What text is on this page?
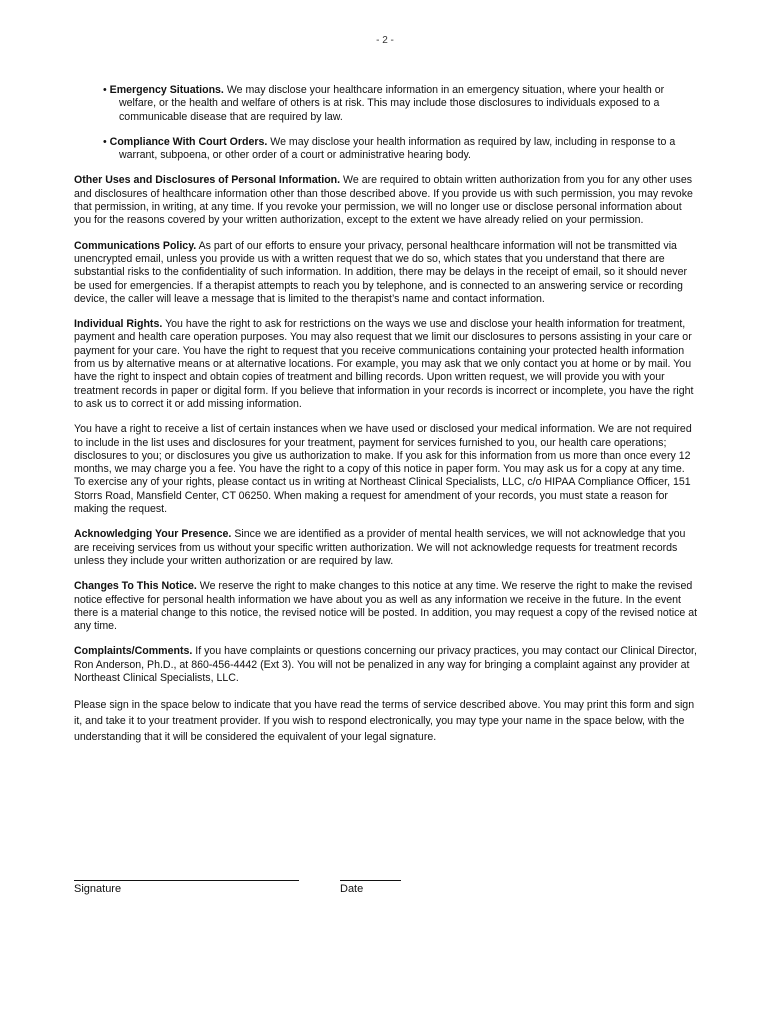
- 2 -

• Emergency Situations. We may disclose your healthcare information in an emergency situation, where your health or welfare, or the health and welfare of others is at risk. This may include those disclosures to individuals exposed to a communicable disease that are required by law.

• Compliance With Court Orders. We may disclose your health information as required by law, including in response to a warrant, subpoena, or other order of a court or administrative hearing body.

Other Uses and Disclosures of Personal Information. We are required to obtain written authorization from you for any other uses and disclosures of healthcare information other than those described above. If you provide us with such permission, you may revoke that permission, in writing, at any time. If you revoke your permission, we will no longer use or disclose personal information about you for the reasons covered by your written authorization, except to the extent we have already relied on your permission.

Communications Policy. As part of our efforts to ensure your privacy, personal healthcare information will not be transmitted via unencrypted email, unless you provide us with a written request that we do so, which states that you understand that there are substantial risks to the confidentiality of such information. In addition, there may be delays in the receipt of email, so it should never be used for emergencies. If a therapist attempts to reach you by telephone, and is connected to an answering service or recording device, the caller will leave a message that is limited to the therapist’s name and contact information.

Individual Rights. You have the right to ask for restrictions on the ways we use and disclose your health information for treatment, payment and health care operation purposes. You may also request that we limit our disclosures to persons assisting in your care or payment for your care. You have the right to request that you receive communications containing your protected health information from us by alternative means or at alternative locations. For example, you may ask that we only contact you at home or by mail. You have the right to inspect and obtain copies of treatment and billing records. Upon written request, we will provide you with your treatment records in paper or digital form. If you believe that information in your records is incorrect or incomplete, you have the right to ask us to correct it or add missing information.

You have a right to receive a list of certain instances when we have used or disclosed your medical information. We are not required to include in the list uses and disclosures for your treatment, payment for services furnished to you, our health care operations; disclosures to you; or disclosures you give us authorization to make. If you ask for this information from us more than once every 12 months, we may charge you a fee. You have the right to a copy of this notice in paper form. You may ask us for a copy at any time. To exercise any of your rights, please contact us in writing at Northeast Clinical Specialists, LLC, c/o HIPAA Compliance Officer, 151 Storrs Road, Mansfield Center, CT 06250. When making a request for amendment of your records, you must state a reason for making the request.

Acknowledging Your Presence. Since we are identified as a provider of mental health services, we will not acknowledge that you are receiving services from us without your specific written authorization. We will not acknowledge requests for treatment records unless they include your written authorization or are required by law.

Changes To This Notice. We reserve the right to make changes to this notice at any time. We reserve the right to make the revised notice effective for personal health information we have about you as well as any information we receive in the future. In the event there is a material change to this notice, the revised notice will be posted. In addition, you may request a copy of the revised notice at any time.

Complaints/Comments. If you have complaints or questions concerning our privacy practices, you may contact our Clinical Director, Ron Anderson, Ph.D., at 860-456-4442 (Ext 3). You will not be penalized in any way for bringing a complaint against any provider at Northeast Clinical Specialists, LLC.

Please sign in the space below to indicate that you have read the terms of service described above. You may print this form and sign it, and take it to your treatment provider. If you wish to respond electronically, you may type your name in the space below, with the understanding that it will be considered the equivalent of your legal signature.

Signature	Date
